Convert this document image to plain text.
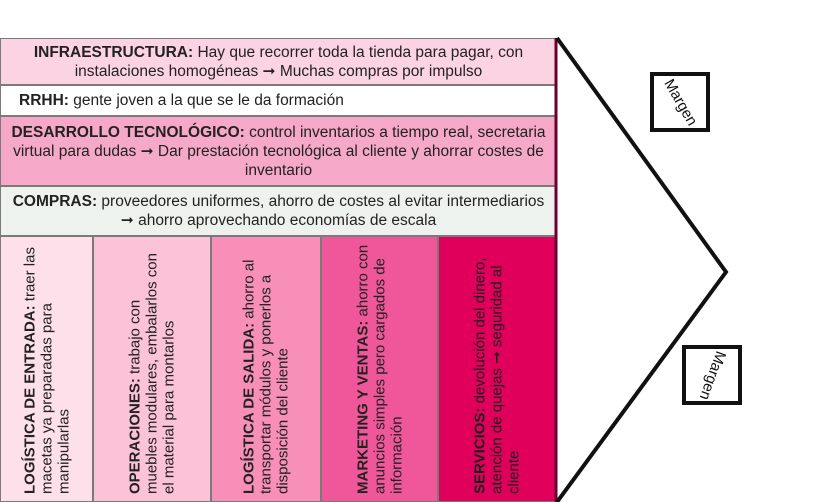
INFRAESTRUCTURA: Hay que recorrer toda la tienda para pagar, con instalaciones homogéneas ➞ Muchas compras por impulso
RRHH: gente joven a la que se le da formación
DESARROLLO TECNOLÓGICO: control inventarios a tiempo real, secretaria virtual para dudas ➞ Dar prestación tecnológica al cliente y ahorrar costes de inventario
COMPRAS: proveedores uniformes, ahorro de costes al evitar intermediarios ➞ ahorro aprovechando economías de escala
LOGÍSTICA DE ENTRADA: traer las macetas ya preparadas para manipularlas	OPERACIONES: trabajo con muebles modulares, embalarlos con el material para montarlos	LOGÍSTICA DE SALIDA: ahorro al transportar módulos y ponerlos a disposición del cliente	MARKETING Y VENTAS: ahorro con anuncios simples pero cargados de información	SERVICIOS: devolución del dinero, atención de quejas ➞ seguridad al cliente
Margen
Margen
